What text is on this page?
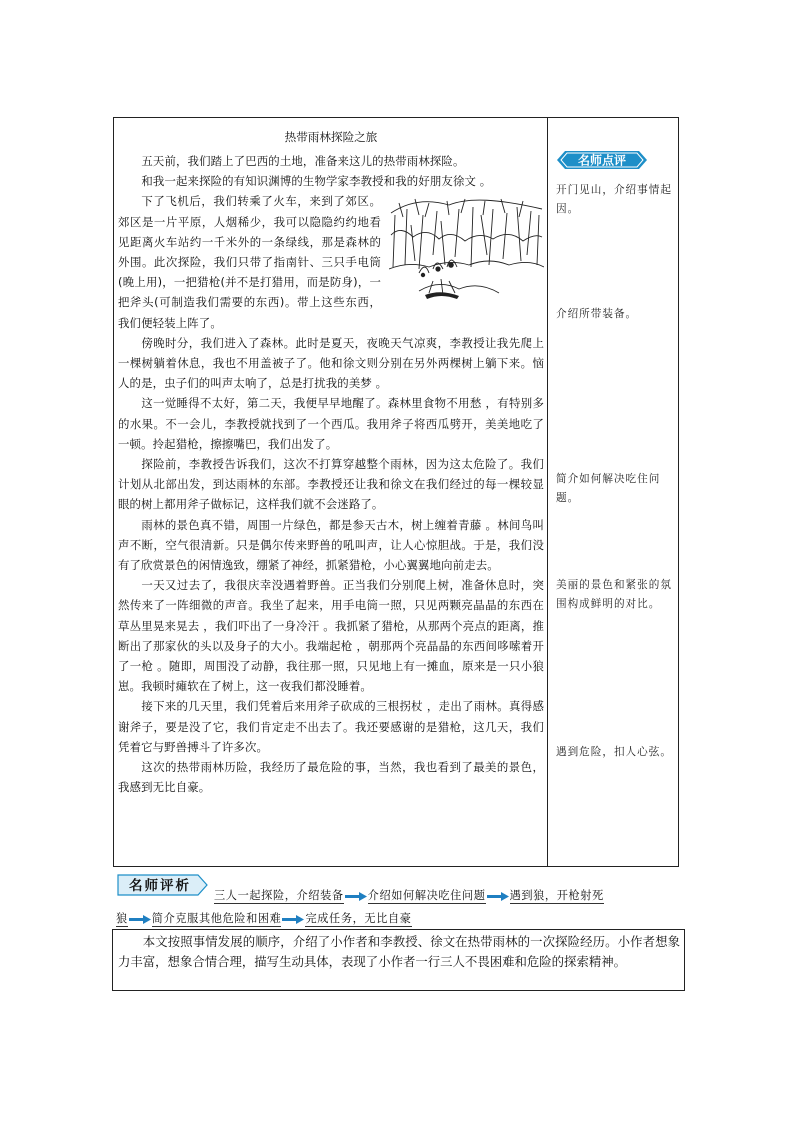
热带雨林探险之旅

五天前，我们踏上了巴西的土地，准备来这儿的热带雨林探险。

和我一起来探险的有知识渊博的生物学家李教授和我的好朋友徐文 。

下了飞机后，我们转乘了火车，来到了郊区。郊区是一片平原，人烟稀少，我可以隐隐约约地看见距离火车站约一千米外的一条绿线，那是森林的外围。此次探险，我们只带了指南针、三只手电筒(晚上用)，一把猎枪(并不是打猎用，而是防身)，一把斧头(可制造我们需要的东西)。带上这些东西，我们便轻装上阵了。

傍晚时分，我们进入了森林。此时是夏天，夜晚天气凉爽，李教授让我先爬上一棵树躺着休息，我也不用盖被子了。他和徐文则分别在另外两棵树上躺下来。恼人的是，虫子们的叫声太响了，总是打扰我的美梦 。

这一觉睡得不太好，第二天，我便早早地醒了。森林里食物不用愁 ，有特别多的水果。不一会儿，李教授就找到了一个西瓜。我用斧子将西瓜劈开，美美地吃了一顿。拎起猎枪，擦擦嘴巴，我们出发了。

探险前，李教授告诉我们，这次不打算穿越整个雨林，因为这太危险了。我们计划从北部出发，到达雨林的东部。李教授还让我和徐文在我们经过的每一棵较显眼的树上都用斧子做标记，这样我们就不会迷路了。

雨林的景色真不错，周围一片绿色，都是参天古木，树上缠着青藤 。林间鸟叫声不断，空气很清新。只是偶尔传来野兽的吼叫声，让人心惊胆战。于是，我们没有了欣赏景色的闲情逸致，绷紧了神经，抓紧猎枪，小心翼翼地向前走去。

一天又过去了，我很庆幸没遇着野兽。正当我们分别爬上树，准备休息时，突然传来了一阵细微的声音。我坐了起来，用手电筒一照，只见两颗亮晶晶的东西在草丛里晃来晃去 ，我们吓出了一身冷汗 。我抓紧了猎枪，从那两个亮点的距离，推断出了那家伙的头以及身子的大小。我端起枪 ，朝那两个亮晶晶的东西间哆嗦着开了一枪 。随即，周围没了动静，我往那一照，只见地上有一摊血，原来是一只小狼崽。我顿时瘫软在了树上，这一夜我们都没睡着。

接下来的几天里，我们凭着后来用斧子砍成的三根拐杖 ，走出了雨林。真得感谢斧子，要是没了它，我们肯定走不出去了。我还要感谢的是猎枪，这几天，我们凭着它与野兽搏斗了许多次。

这次的热带雨林历险，我经历了最危险的事，当然，我也看到了最美的景色，我感到无比自豪。

名师点评
开门见山，介绍事情起因。
介绍所带装备。
简介如何解决吃住问题。
美丽的景色和紧张的氛围构成鲜明的对比。
遇到危险，扣人心弦。
名师评析
三人一起探险，介绍装备 介绍如何解决吃住问题 遇到狼，开枪射死
狼 简介克服其他危险和困难 完成任务，无比自豪

本文按照事情发展的顺序，介绍了小作者和李教授、徐文在热带雨林的一次探险经历。小作者想象力丰富，想象合情合理，描写生动具体，表现了小作者一行三人不畏困难和危险的探索精神。
